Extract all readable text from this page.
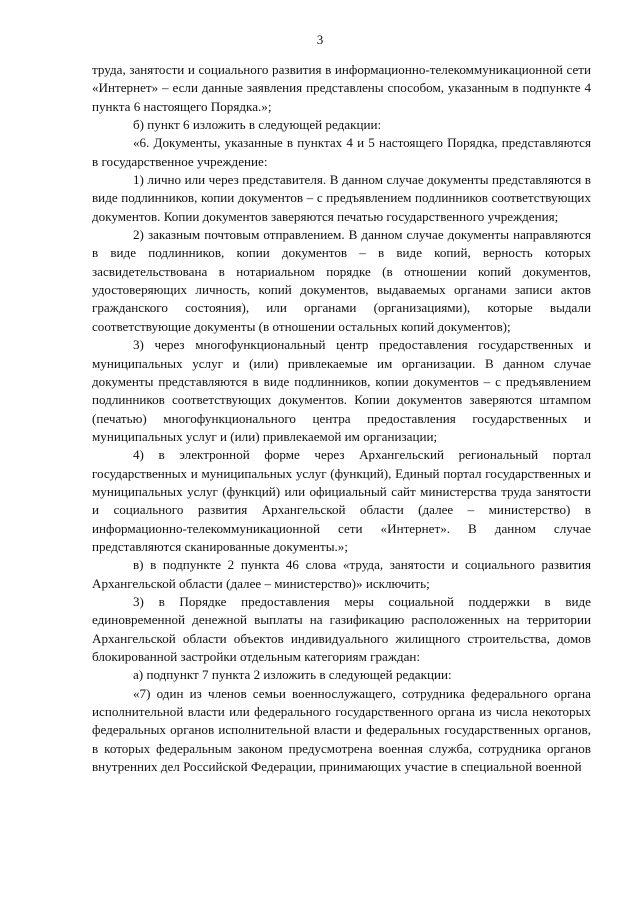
3

труда, занятости и социального развития в информационно-телекоммуникационной сети «Интернет» – если данные заявления представлены способом, указанным в подпункте 4 пункта 6 настоящего Порядка.»;

б) пункт 6 изложить в следующей редакции:

«6. Документы, указанные в пунктах 4 и 5 настоящего Порядка, представляются в государственное учреждение:

1) лично или через представителя. В данном случае документы представляются в виде подлинников, копии документов – с предъявлением подлинников соответствующих документов. Копии документов заверяются печатью государственного учреждения;

2) заказным почтовым отправлением. В данном случае документы направляются в виде подлинников, копии документов – в виде копий, верность которых засвидетельствована в нотариальном порядке (в отношении копий документов, удостоверяющих личность, копий документов, выдаваемых органами записи актов гражданского состояния), или органами (организациями), которые выдали соответствующие документы (в отношении остальных копий документов);

3) через многофункциональный центр предоставления государственных и муниципальных услуг и (или) привлекаемые им организации. В данном случае документы представляются в виде подлинников, копии документов – с предъявлением подлинников соответствующих документов. Копии документов заверяются штампом (печатью) многофункционального центра предоставления государственных и муниципальных услуг и (или) привлекаемой им организации;

4) в электронной форме через Архангельский региональный портал государственных и муниципальных услуг (функций), Единый портал государственных и муниципальных услуг (функций) или официальный сайт министерства труда занятости и социального развития Архангельской области (далее – министерство) в информационно-телекоммуникационной сети «Интернет». В данном случае представляются сканированные документы.»;

в) в подпункте 2 пункта 46 слова «труда, занятости и социального развития Архангельской области (далее – министерство)» исключить;

3) в Порядке предоставления меры социальной поддержки в виде единовременной денежной выплаты на газификацию расположенных на территории Архангельской области объектов индивидуального жилищного строительства, домов блокированной застройки отдельным категориям граждан:

а) подпункт 7 пункта 2 изложить в следующей редакции:

«7) один из членов семьи военнослужащего, сотрудника федерального органа исполнительной власти или федерального государственного органа из числа некоторых федеральных органов исполнительной власти и федеральных государственных органов, в которых федеральным законом предусмотрена военная служба, сотрудника органов внутренних дел Российской Федерации, принимающих участие в специальной военной
